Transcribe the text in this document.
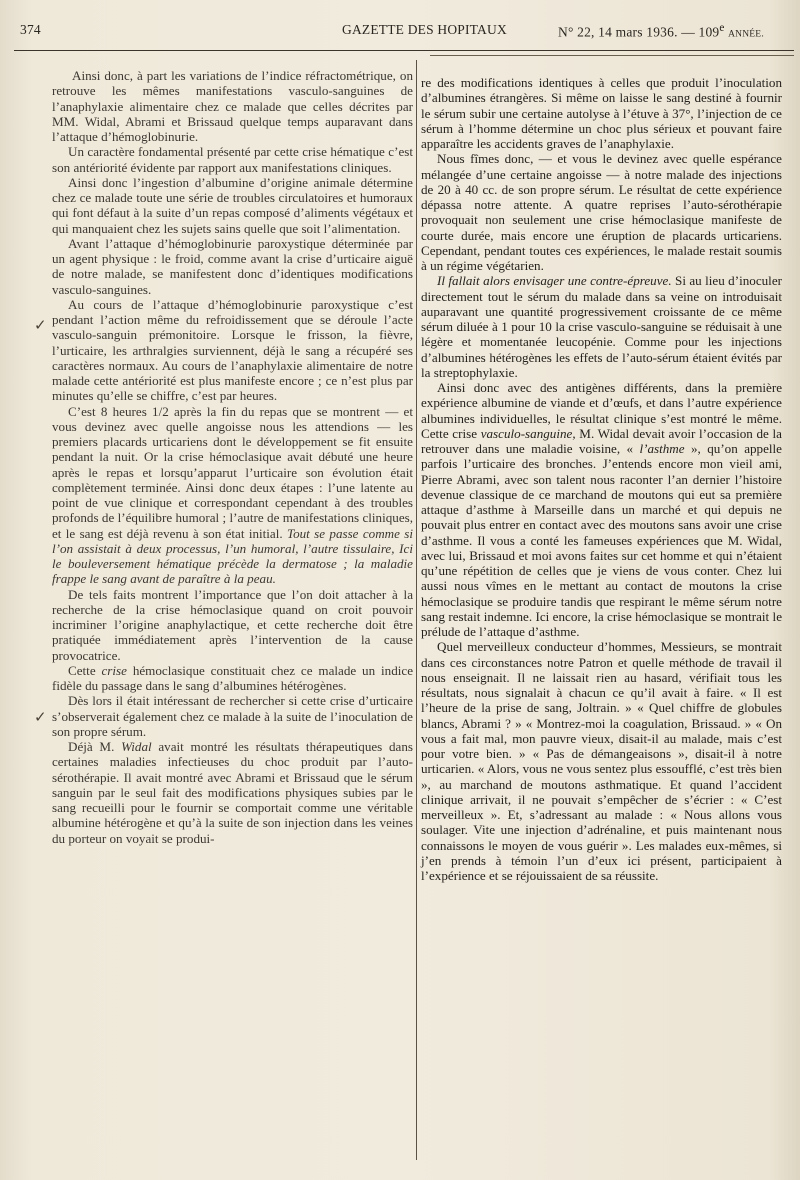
374	GAZETTE DES HOPITAUX	N° 22, 14 mars 1936. — 109e ANNÉE.
✓
✓

Ainsi donc, à part les variations de l’indice réfractométrique, on retrouve les mêmes manifestations vasculo-sanguines de l’anaphylaxie alimentaire chez ce malade que celles décrites par MM. Widal, Abrami et Brissaud quelque temps auparavant dans l’attaque d’hémoglobinurie.

Un caractère fondamental présenté par cette crise hématique c’est son antériorité évidente par rapport aux manifestations cliniques.

Ainsi donc l’ingestion d’albumine d’origine animale détermine chez ce malade toute une série de troubles circulatoires et humoraux qui font défaut à la suite d’un repas composé d’aliments végétaux et qui manquaient chez les sujets sains quelle que soit l’alimentation.

Avant l’attaque d’hémoglobinurie paroxystique déterminée par un agent physique : le froid, comme avant la crise d’urticaire aiguë de notre malade, se manifestent donc d’identiques modifications vasculo-sanguines.

Au cours de l’attaque d’hémoglobinurie paroxystique c’est pendant l’action même du refroidissement que se déroule l’acte vasculo-sanguin prémonitoire. Lorsque le frisson, la fièvre, l’urticaire, les arthralgies surviennent, déjà le sang a récupéré ses caractères normaux. Au cours de l’anaphylaxie alimentaire de notre malade cette antériorité est plus manifeste encore ; ce n’est plus par minutes qu’elle se chiffre, c’est par heures.

C’est 8 heures 1/2 après la fin du repas que se montrent — et vous devinez avec quelle angoisse nous les attendions — les premiers placards urticariens dont le développement se fit ensuite pendant la nuit. Or la crise hémoclasique avait débuté une heure après le repas et lorsqu’apparut l’urticaire son évolution était complètement terminée. Ainsi donc deux étapes : l’une latente au point de vue clinique et correspondant cependant à des troubles profonds de l’équilibre humoral ; l’autre de manifestations cliniques, et le sang est déjà revenu à son état initial. Tout se passe comme si l’on assistait à deux processus, l’un humoral, l’autre tissulaire, Ici le bouleversement hématique précède la dermatose ; la maladie frappe le sang avant de paraître à la peau.

De tels faits montrent l’importance que l’on doit attacher à la recherche de la crise hémoclasique quand on croit pouvoir incriminer l’origine anaphylactique, et cette recherche doit être pratiquée immédiatement après l’intervention de la cause provocatrice.

Cette crise hémoclasique constituait chez ce malade un indice fidèle du passage dans le sang d’albumines hétérogènes.

Dès lors il était intéressant de rechercher si cette crise d’urticaire s’observerait également chez ce malade à la suite de l’inoculation de son propre sérum.

Déjà M. Widal avait montré les résultats thérapeutiques dans certaines maladies infectieuses du choc produit par l’auto-sérothérapie. Il avait montré avec Abrami et Brissaud que le sérum sanguin par le seul fait des modifications physiques subies par le sang recueilli pour le fournir se comportait comme une véritable albumine hétérogène et qu’à la suite de son injection dans les veines du porteur on voyait se produi-

re des modifications identiques à celles que produit l’inoculation d’albumines étrangères. Si même on laisse le sang destiné à fournir le sérum subir une certaine autolyse à l’étuve à 37°, l’injection de ce sérum à l’homme détermine un choc plus sérieux et pouvant faire apparaître les accidents graves de l’anaphylaxie.

Nous fîmes donc, — et vous le devinez avec quelle espérance mélangée d’une certaine angoisse — à notre malade des injections de 20 à 40 cc. de son propre sérum. Le résultat de cette expérience dépassa notre attente. A quatre reprises l’auto-sérothérapie provoquait non seulement une crise hémoclasique manifeste de courte durée, mais encore une éruption de placards urticariens. Cependant, pendant toutes ces expériences, le malade restait soumis à un régime végétarien.

Il fallait alors envisager une contre-épreuve. Si au lieu d’inoculer directement tout le sérum du malade dans sa veine on introduisait auparavant une quantité progressivement croissante de ce même sérum diluée à 1 pour 10 la crise vasculo-sanguine se réduisait à une légère et momentanée leucopénie. Comme pour les injections d’albumines hétérogènes les effets de l’auto-sérum étaient évités par la streptophylaxie.

Ainsi donc avec des antigènes différents, dans la première expérience albumine de viande et d’œufs, et dans l’autre expérience albumines individuelles, le résultat clinique s’est montré le même. Cette crise vasculo-sanguine, M. Widal devait avoir l’occasion de la retrouver dans une maladie voisine, « l’asthme », qu’on appelle parfois l’urticaire des bronches. J’entends encore mon vieil ami, Pierre Abrami, avec son talent nous raconter l’an dernier l’histoire devenue classique de ce marchand de moutons qui eut sa première attaque d’asthme à Marseille dans un marché et qui depuis ne pouvait plus entrer en contact avec des moutons sans avoir une crise d’asthme. Il vous a conté les fameuses expériences que M. Widal, avec lui, Brissaud et moi avons faites sur cet homme et qui n’étaient qu’une répétition de celles que je viens de vous conter. Chez lui aussi nous vîmes en le mettant au contact de moutons la crise hémoclasique se produire tandis que respirant le même sérum notre sang restait indemne. Ici encore, la crise hémoclasique se montrait le prélude de l’attaque d’asthme.

Quel merveilleux conducteur d’hommes, Messieurs, se montrait dans ces circonstances notre Patron et quelle méthode de travail il nous enseignait. Il ne laissait rien au hasard, vérifiait tous les résultats, nous signalait à chacun ce qu’il avait à faire. « Il est l’heure de la prise de sang, Joltrain. » « Quel chiffre de globules blancs, Abrami ? » « Montrez-moi la coagulation, Brissaud. » « On vous a fait mal, mon pauvre vieux, disait-il au malade, mais c’est pour votre bien. » « Pas de démangeaisons », disait-il à notre urticarien. « Alors, vous ne vous sentez plus essoufflé, c’est très bien », au marchand de moutons asthmatique. Et quand l’accident clinique arrivait, il ne pouvait s’empêcher de s’écrier : « C’est merveilleux ». Et, s’adressant au malade : « Nous allons vous soulager. Vite une injection d’adrénaline, et puis maintenant nous connaissons le moyen de vous guérir ». Les malades eux-mêmes, si j’en prends à témoin l’un d’eux ici présent, participaient à l’expérience et se réjouissaient de sa réussite.
